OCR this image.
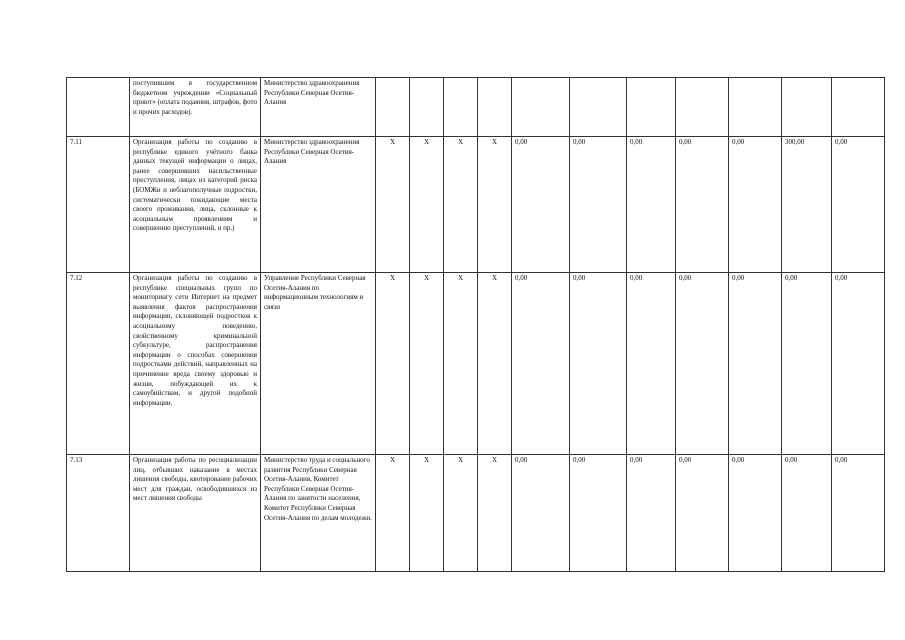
	поступившим в государственном бюджетном учреждении «Социальный приют» (оплата подаяния, штрафов, фото и прочих расходов).	Министерство здравоохранения Республики Северная Осетия-Алания											
7.11	Организация работы по созданию в республике единого учётного банка данных текущей информации о лицах, ранее совершивших насильственные преступления, лицах из категорий риска (БОМЖи и неблагополучные подростки, систематически покидающие места своего проживания, лица, склонные к асоциальным проявлениям и совершению преступлений, и пр.)	Министерство здравоохранения Республики Северная Осетия-Алания	X	X	X	X	0,00	0,00	0,00	0,00	0,00	300,00	0,00
7.12	Организация работы по созданию в республике специальных групп по мониторингу сети Интернет на предмет выявления фактов распространения информации, склоняющей подростков к асоциальному поведению, свойственному криминальной субкультуре, распространения информации о способах совершения подростками действий, направленных на причинение вреда своему здоровью и жизни, побуждающей их к самоубийствам, и другой подобной информации.	Управление Республики Северная Осетия-Алания по информационным технологиям и связи	X	X	X	X	0,00	0,00	0,00	0,00	0,00	0,00	0,00
7.13	Организация работы по ресоциализации лиц, отбывших наказание в местах лишения свободы, квотирование рабочих мест для граждан, освободившихся из мест лишения свободы	Министерство труда и социального развития Республики Северная Осетия-Алания, Комитет Республики Северная Осетия-Алания по занятости населения, Комитет Республики Северная Осетия-Алания по делам молодежи.	X	X	X	X	0,00	0,00	0,00	0,00	0,00	0,00	0,00
